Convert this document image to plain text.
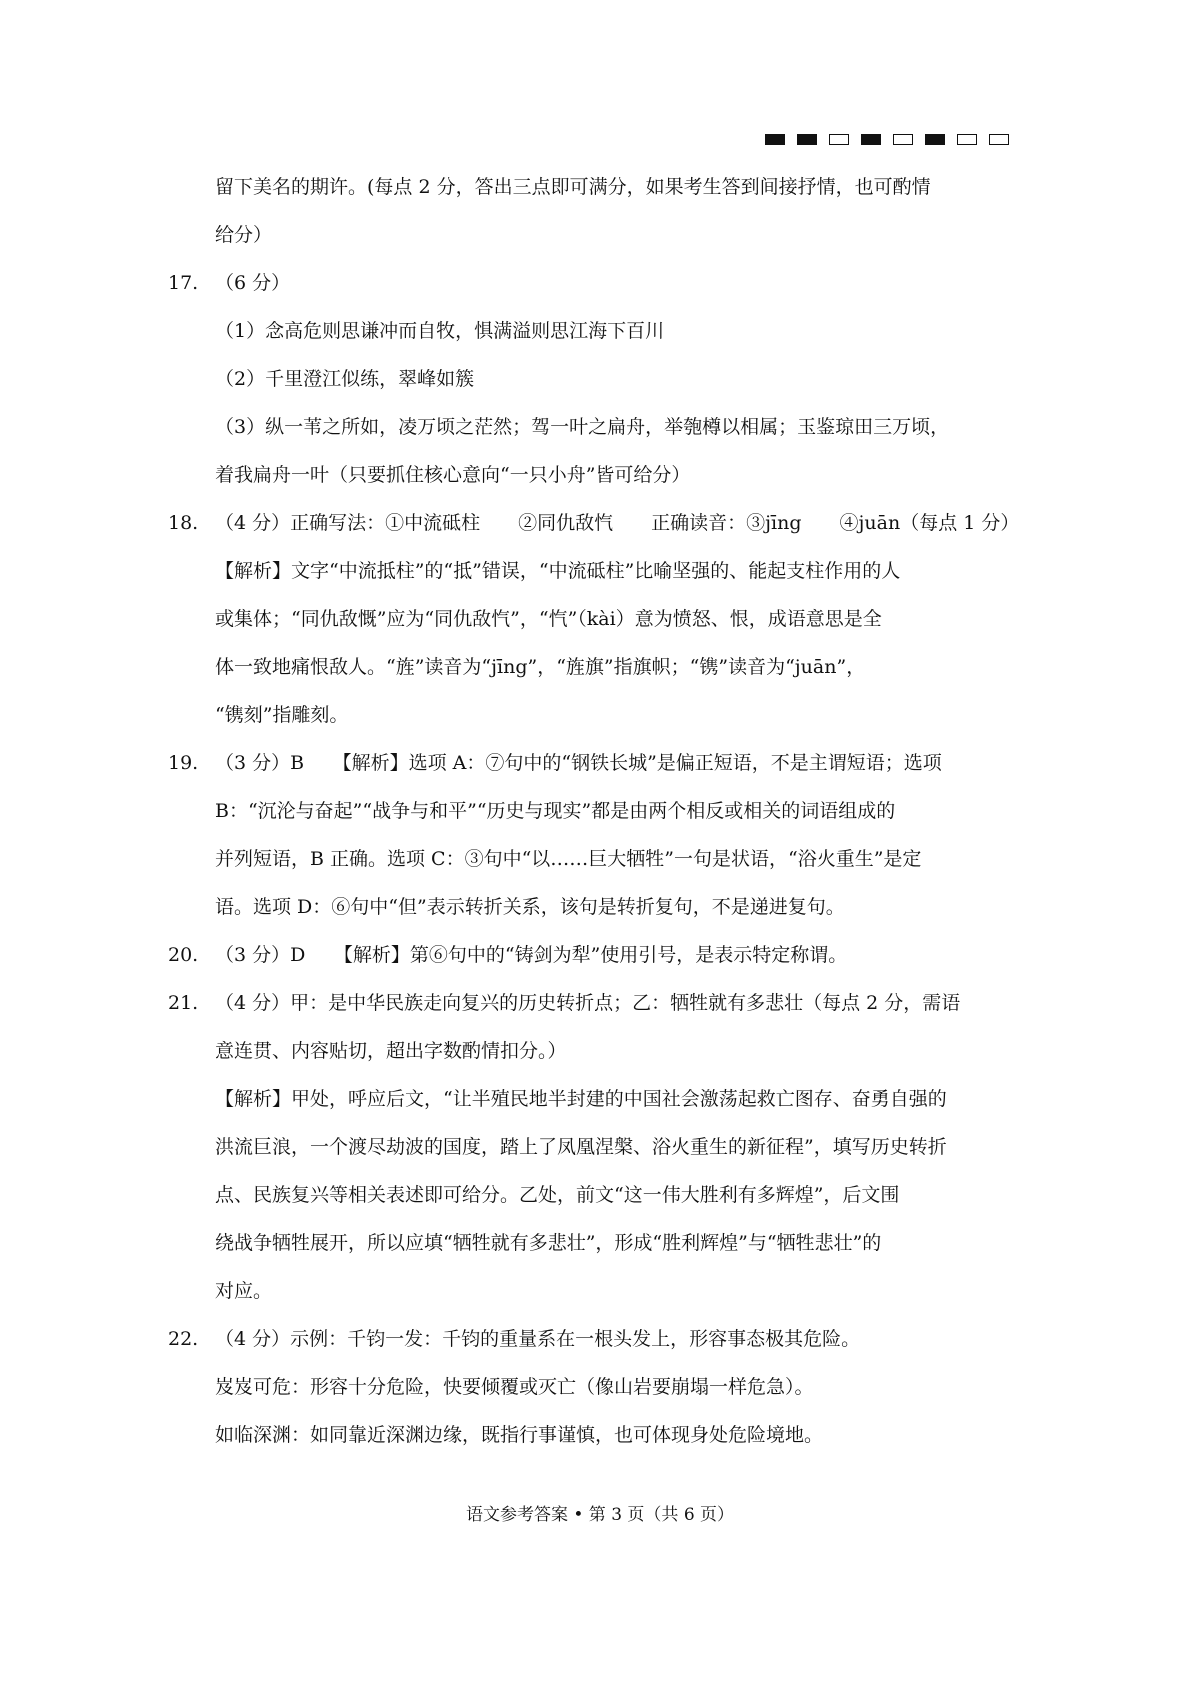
留下美名的期许。(每点 2 分，答出三点即可满分，如果考生答到间接抒情，也可酌情
给分）
17. （6 分）
（1）念高危则思谦冲而自牧，惧满溢则思江海下百川
（2）千里澄江似练，翠峰如簇
（3）纵一苇之所如，凌万顷之茫然；驾一叶之扁舟，举匏樽以相属；玉鉴琼田三万顷，
着我扁舟一叶（只要抓住核心意向“一只小舟”皆可给分）
18. （4 分）正确写法：①中流砥柱　　②同仇敌忾　　正确读音：③jīng　　④juān（每点 1 分）
【解析】文字“中流抵柱”的“抵”错误，“中流砥柱”比喻坚强的、能起支柱作用的人
或集体；“同仇敌慨”应为“同仇敌忾”，“忾”（kài）意为愤怒、恨，成语意思是全
体一致地痛恨敌人。“旌”读音为“jīng”，“旌旗”指旗帜；“镌”读音为“juān”，
“镌刻”指雕刻。
19. （3 分）B　　【解析】选项 A：⑦句中的“钢铁长城”是偏正短语，不是主谓短语；选项
B：“沉沦与奋起”“战争与和平”“历史与现实”都是由两个相反或相关的词语组成的
并列短语，B 正确。选项 C：③句中“以……巨大牺牲”一句是状语，“浴火重生”是定
语。选项 D：⑥句中“但”表示转折关系，该句是转折复句，不是递进复句。
20. （3 分）D　　【解析】第⑥句中的“铸剑为犁”使用引号，是表示特定称谓。
21. （4 分）甲：是中华民族走向复兴的历史转折点；乙：牺牲就有多悲壮（每点 2 分，需语
意连贯、内容贴切，超出字数酌情扣分。）
【解析】甲处，呼应后文，“让半殖民地半封建的中国社会激荡起救亡图存、奋勇自强的
洪流巨浪，一个渡尽劫波的国度，踏上了凤凰涅槃、浴火重生的新征程”，填写历史转折
点、民族复兴等相关表述即可给分。乙处，前文“这一伟大胜利有多辉煌”，后文围
绕战争牺牲展开，所以应填“牺牲就有多悲壮”，形成“胜利辉煌”与“牺牲悲壮”的
对应。
22. （4 分）示例：千钧一发：千钧的重量系在一根头发上，形容事态极其危险。
岌岌可危：形容十分危险，快要倾覆或灭亡（像山岩要崩塌一样危急）。
如临深渊：如同靠近深渊边缘，既指行事谨慎，也可体现身处危险境地。
语文参考答案 • 第 3 页（共 6 页）
